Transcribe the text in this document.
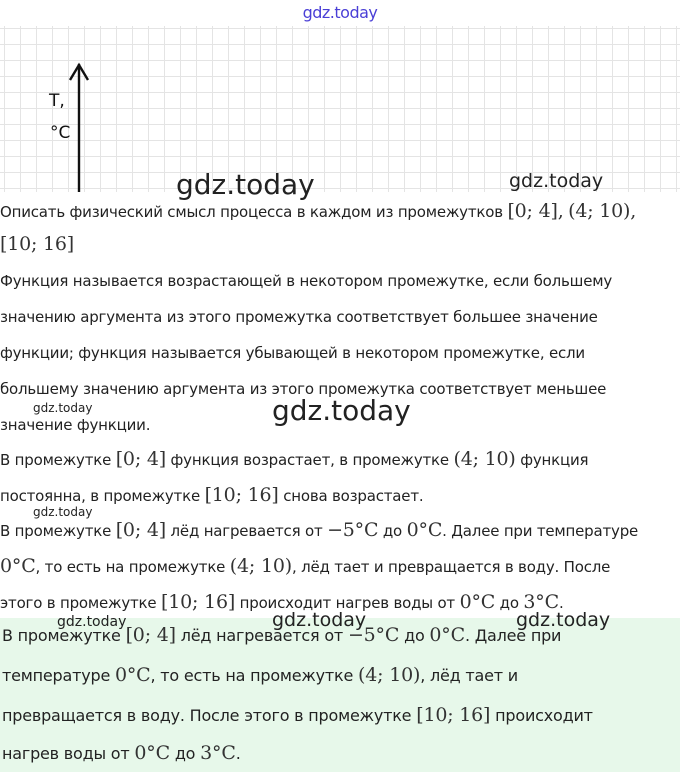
gdz.today
T,
°C
gdz.today	gdz.today
Описать физический смысл процесса в каждом из промежутков [0; 4], (4; 10),
[10; 16]
Функция называется возрастающей в некотором промежутке, если большему
значению аргумента из этого промежутка соответствует большее значение
функции; функция называется убывающей в некотором промежутке, если
большему значению аргумента из этого промежутка соответствует меньшее
значение функции.
gdz.today	gdz.today
В промежутке [0; 4] функция возрастает, в промежутке (4; 10) функция
постоянна, в промежутке [10; 16] снова возрастает.
gdz.today
В промежутке [0; 4] лёд нагревается от −5°C до 0°C. Далее при температуре
0°C, то есть на промежутке (4; 10), лёд тает и превращается в воду. После
этого в промежутке [10; 16] происходит нагрев воды от 0°C до 3°C.
В промежутке [0; 4] лёд нагревается от −5°C до 0°C. Далее при
температуре 0°C, то есть на промежутке (4; 10), лёд тает и
превращается в воду. После этого в промежутке [10; 16] происходит
нагрев воды от 0°C до 3°C.
gdz.today	gdz.today	gdz.today
